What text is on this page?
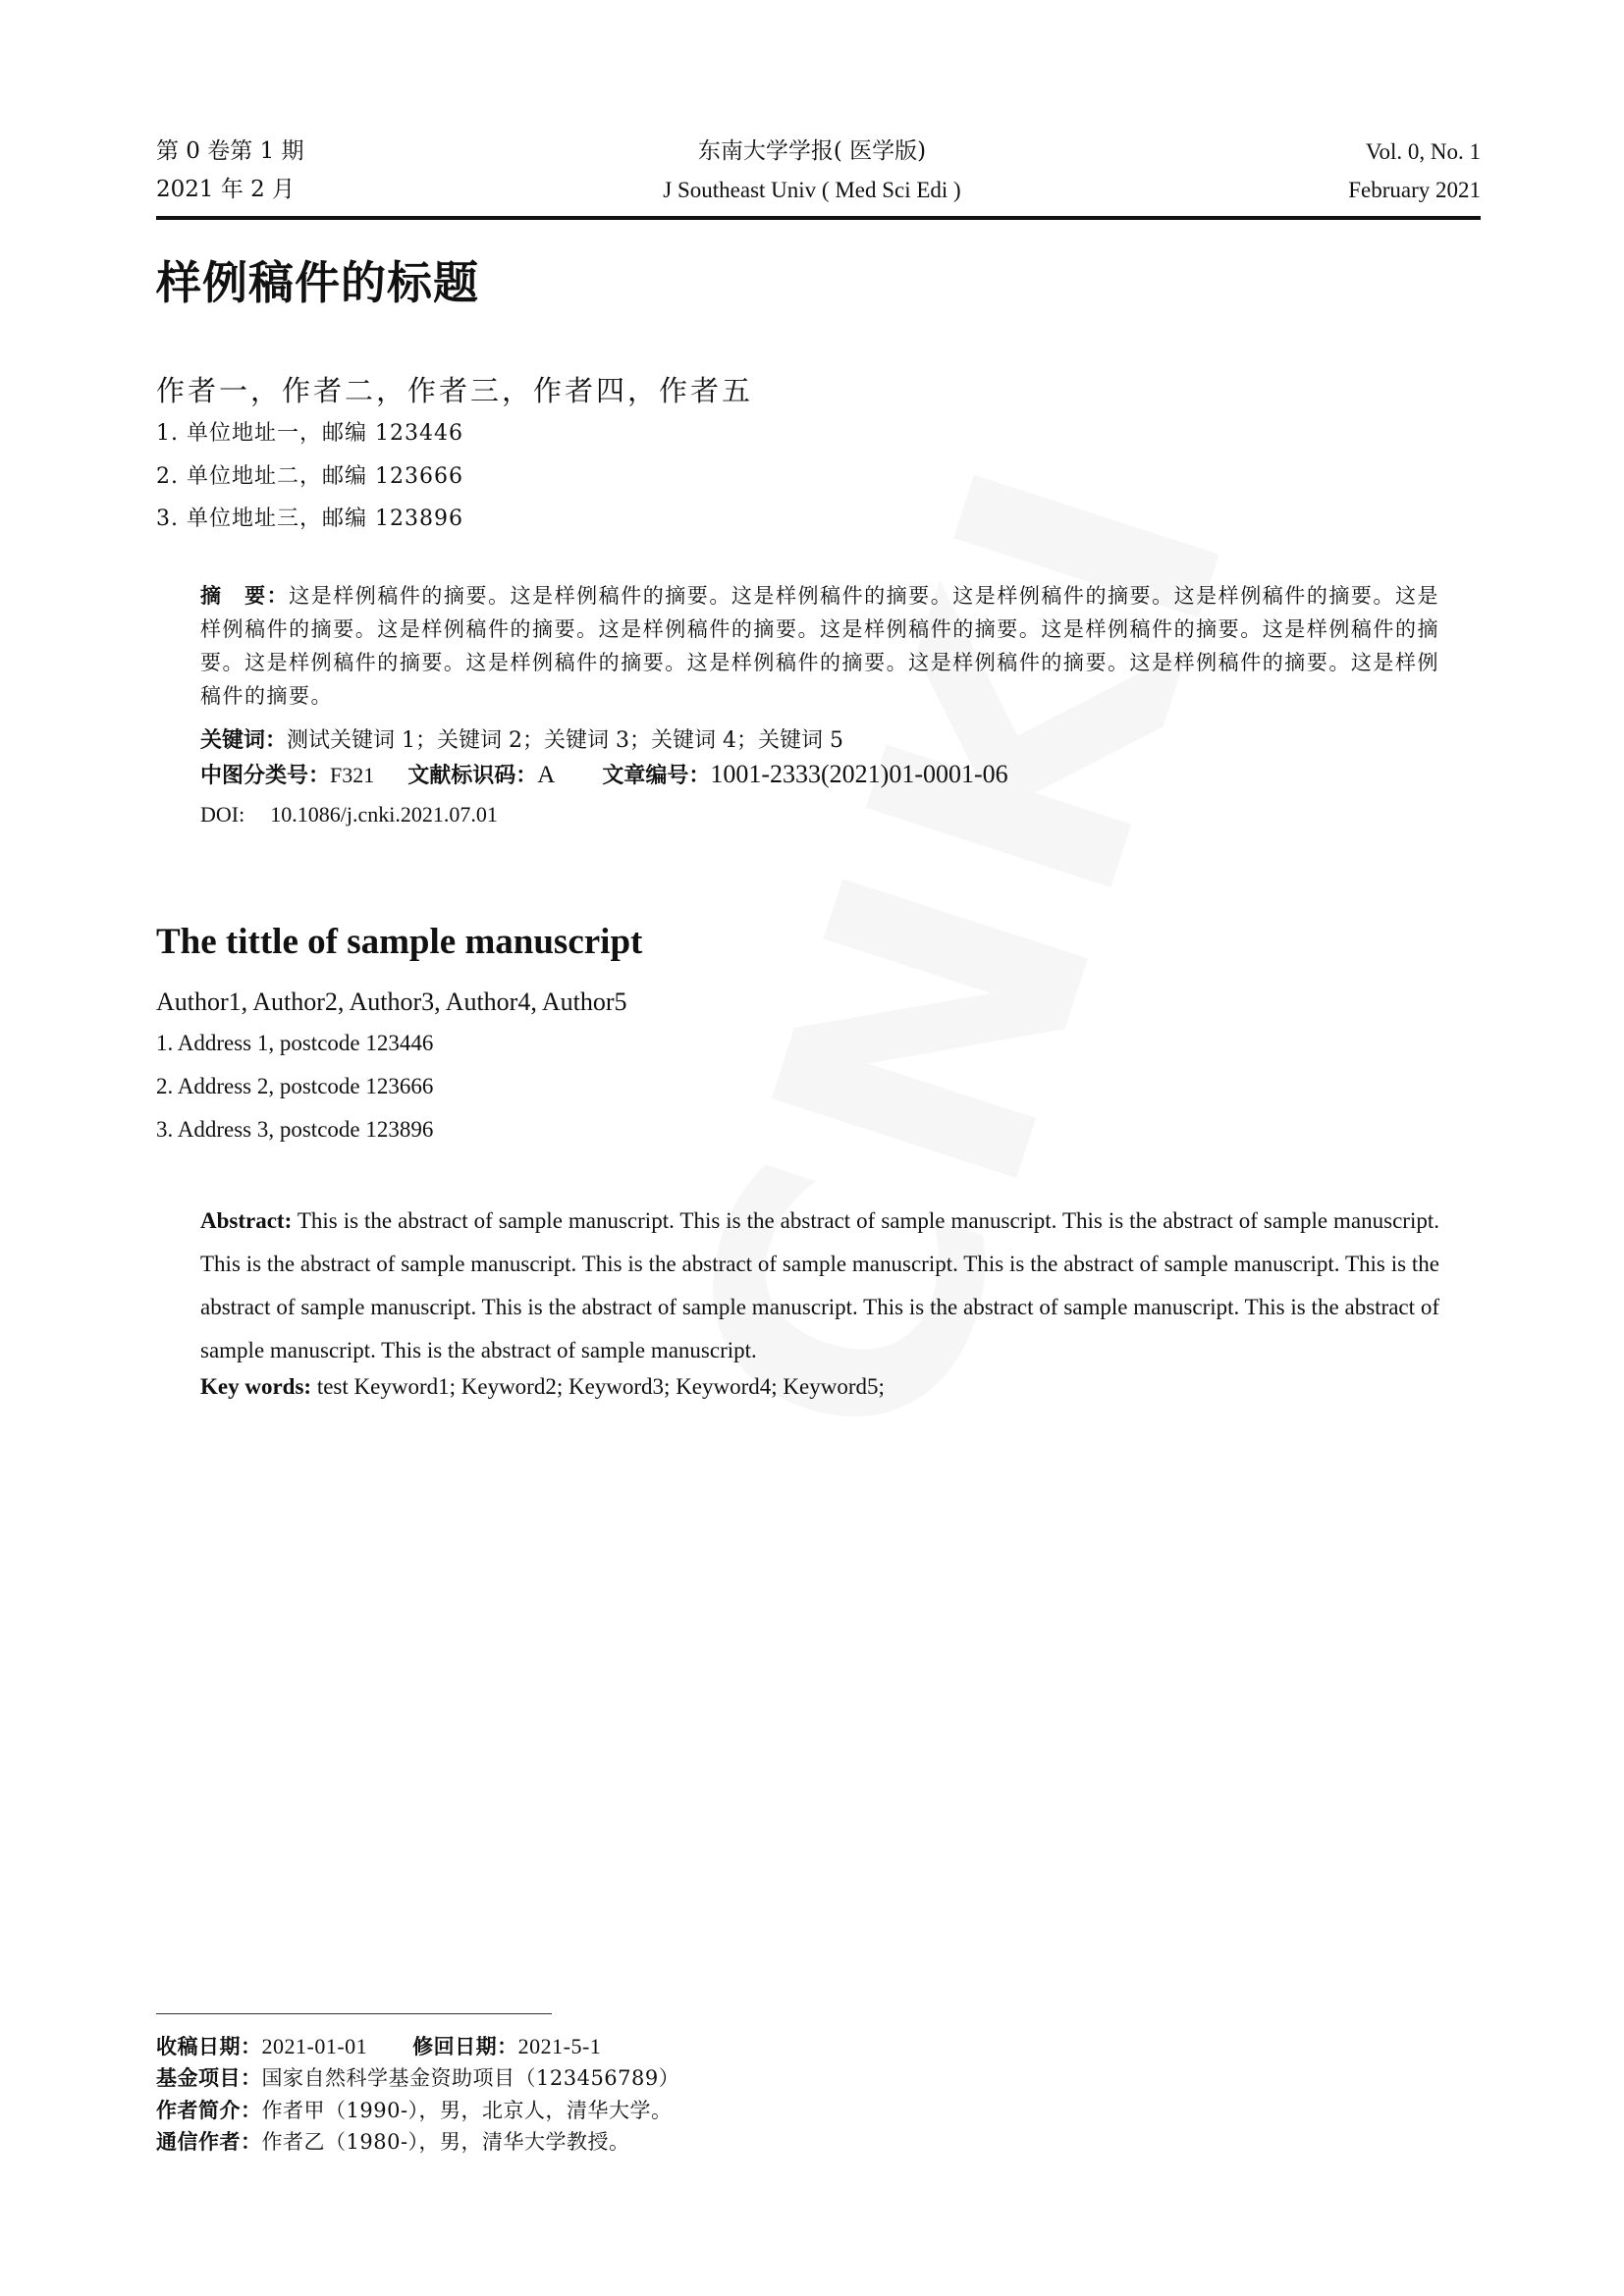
第 0 卷第 1 期
2021 年 2 月
东南大学学报( 医学版)
J Southeast Univ ( Med Sci Edi )
Vol. 0, No. 1
February 2021
样例稿件的标题
作者一，作者二，作者三，作者四，作者五
1. 单位地址一，邮编 123446
2. 单位地址二，邮编 123666
3. 单位地址三，邮编 123896
摘　要：这是样例稿件的摘要。这是样例稿件的摘要。这是样例稿件的摘要。这是样例稿件的摘要。这是样例稿件的摘要。这是样例稿件的摘要。这是样例稿件的摘要。这是样例稿件的摘要。这是样例稿件的摘要。这是样例稿件的摘要。这是样例稿件的摘要。这是样例稿件的摘要。这是样例稿件的摘要。这是样例稿件的摘要。这是样例稿件的摘要。这是样例稿件的摘要。这是样例稿件的摘要。
关键词：测试关键词 1；关键词 2；关键词 3；关键词 4；关键词 5
中图分类号：F321 文献标识码：A 文章编号：1001-2333(2021)01-0001-06
DOI: 10.1086/j.cnki.2021.07.01
The tittle of sample manuscript
Author1, Author2, Author3, Author4, Author5
1. Address 1, postcode 123446
2. Address 2, postcode 123666
3. Address 3, postcode 123896
Abstract: This is the abstract of sample manuscript. This is the abstract of sample manuscript. This is the abstract of sample manuscript. This is the abstract of sample manuscript. This is the abstract of sample manuscript. This is the abstract of sample manuscript. This is the abstract of sample manuscript. This is the abstract of sample manuscript. This is the abstract of sample manuscript. This is the abstract of sample manuscript. This is the abstract of sample manuscript.
Key words: test Keyword1; Keyword2; Keyword3; Keyword4; Keyword5;
收稿日期：2021-01-01 修回日期：2021-5-1
基金项目：国家自然科学基金资助项目（123456789）
作者简介：作者甲（1990-），男，北京人，清华大学。
通信作者：作者乙（1980-），男，清华大学教授。
